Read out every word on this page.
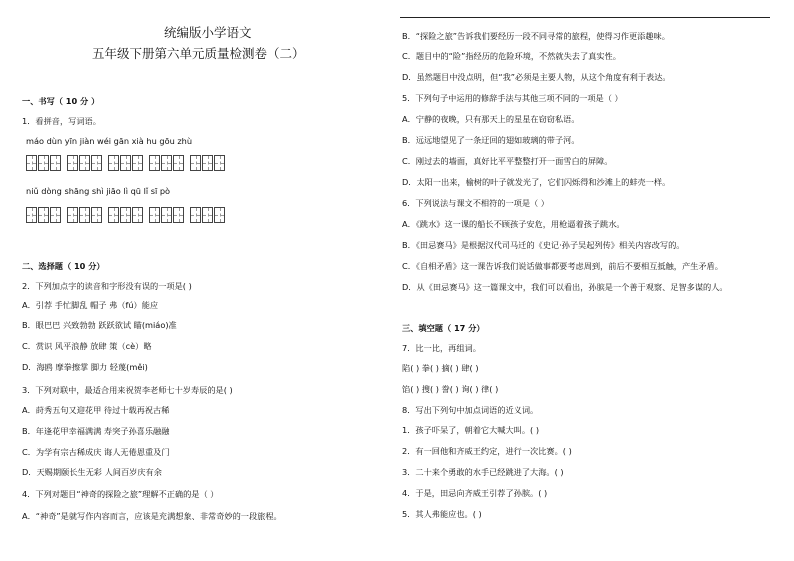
统编版小学语文
五年级下册第六单元质量检测卷（二）
一、书写（ 10 分 ）
1．看拼音，写词语。
máo dùn yīn jiàn wéi gān xià hu gōu zhù
niǔ dòng shāng shì jiāo lì qū lǐ sī pò
二、选择题（ 10 分）
2．下列加点字的读音和字形没有误的一项是( )
A．引荐 手忙脚乱 帽子 弗（fú）能应
B．眼巴巴 兴致勃勃 跃跃欲试 瞄(miáo)准
C．赏识 风平浪静 放肆 策（cè）略
D．海鸥 摩拳擦掌 脚力 轻蔑(měi)
3．下列对联中，最适合用来祝贺李老师七十岁寿辰的是( )
A．莳秀五句又迎花甲 待过十载再祝古稀
B．年逢花甲幸福满满 寿突子孙喜乐融融
C．为学有宗古稀成庆 诲人无倦恩重及门
D．天赐期颐长生无彩 人间百岁庆有余
4．下列对题目“神奇的探险之旅”理解不正确的是（ ）
A．“神奇”是就写作内容而言，应该是充满想象、非常奇妙的一段旅程。
B．“探险之旅”告诉我们要经历一段不同寻常的旅程，使得习作更添趣味。
C．题目中的“险”指经历的危险环境，不然就失去了真实性。
D．虽然题目中没点明，但“我”必须是主要人物，从这个角度有利于表达。
5．下列句子中运用的修辞手法与其他三项不同的一项是（ ）
A．宁静的夜晚，只有那天上的星星在窃窃私语。
B．远远地望见了一条迂回的翅如玻璃的带子河。
C．刚过去的墙面，真好比平平整整打开一面雪白的屏障。
D．太阳一出来，榆树的叶子就发光了，它们闪烁得和沙滩上的蚌壳一样。
6．下列说法与课文不相符的一项是（ ）
A．《跳水》这一课的船长不顾孩子安危，用枪逼着孩子跳水。
B．《田忌赛马》是根据汉代司马迁的《史记·孙子吴起列传》相关内容改写的。
C．《自相矛盾》这一课告诉我们说话做事都要考虑周到，前后不要相互抵触，产生矛盾。
D．从《田忌赛马》这一篇课文中，我们可以看出，孙膑是一个善于观察、足智多谋的人。
三、填空题（ 17 分）
7．比一比，再组词。
陷( ) 拳( ) 摘( ) 肆( )
馅( ) 搜( ) 誊( ) 询( ) 律( )
8．写出下列句中加点词语的近义词。
1．孩子吓呆了，朝着它大喊大叫。( )
2．有一回他和齐威王约定，进行一次比赛。( )
3．二十来个勇敢的水手已经跳进了大海。( )
4．于是，田忌向齐威王引荐了孙膑。( )
5．其人弗能应也。( )
